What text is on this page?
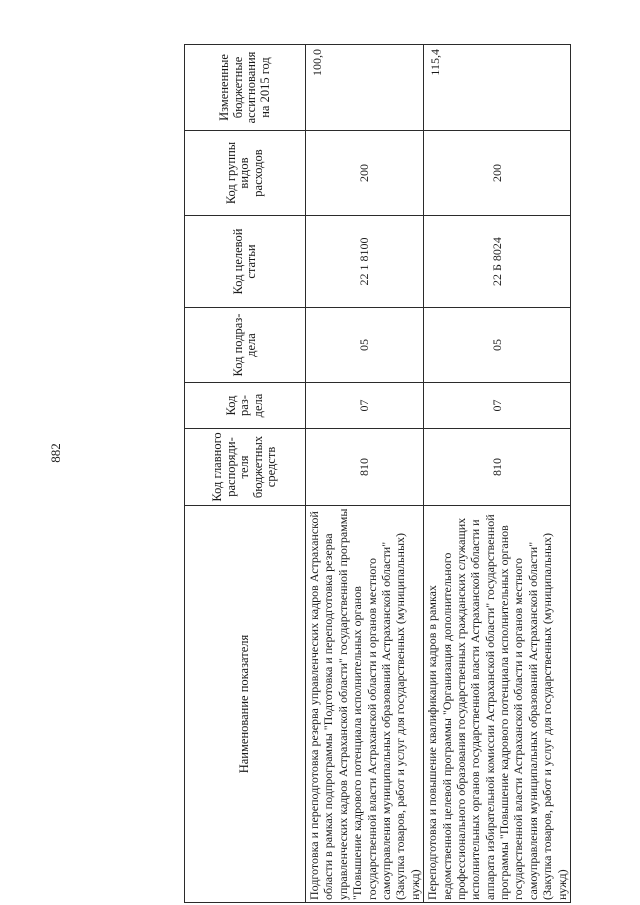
882
Наименование показателя	Код главного распоряди-теля бюджетных средств	Код раз-дела	Код подраз-дела	Код целевой статьи	Код группы видов расходов	Измененные бюджетные ассигнования на 2015 год
Подготовка и переподготовка резерва управленческих кадров Астраханской области в рамках подпрограммы "Подготовка и переподготовка резерва управленческих кадров Астраханской области" государственной программы "Повышение кадрового потенциала исполнительных органов государственной власти Астраханской области и органов местного самоуправления муниципальных образований Астраханской области" (Закупка товаров, работ и услуг для государственных (муниципальных) нужд)	810	07	05	22 1 8100	200	100,0
Переподготовка и повышение квалификации кадров в рамках ведомственной целевой программы "Организация дополнительного профессионального образования государственных гражданских служащих исполнительных органов государственной власти Астраханской области и аппарата избирательной комиссии Астраханской области" государственной программы "Повышение кадрового потенциала исполнительных органов государственной власти Астраханской области и органов местного самоуправления муниципальных образований Астраханской области" (Закупка товаров, работ и услуг для государственных (муниципальных) нужд)	810	07	05	22 Б 8024	200	115,4
